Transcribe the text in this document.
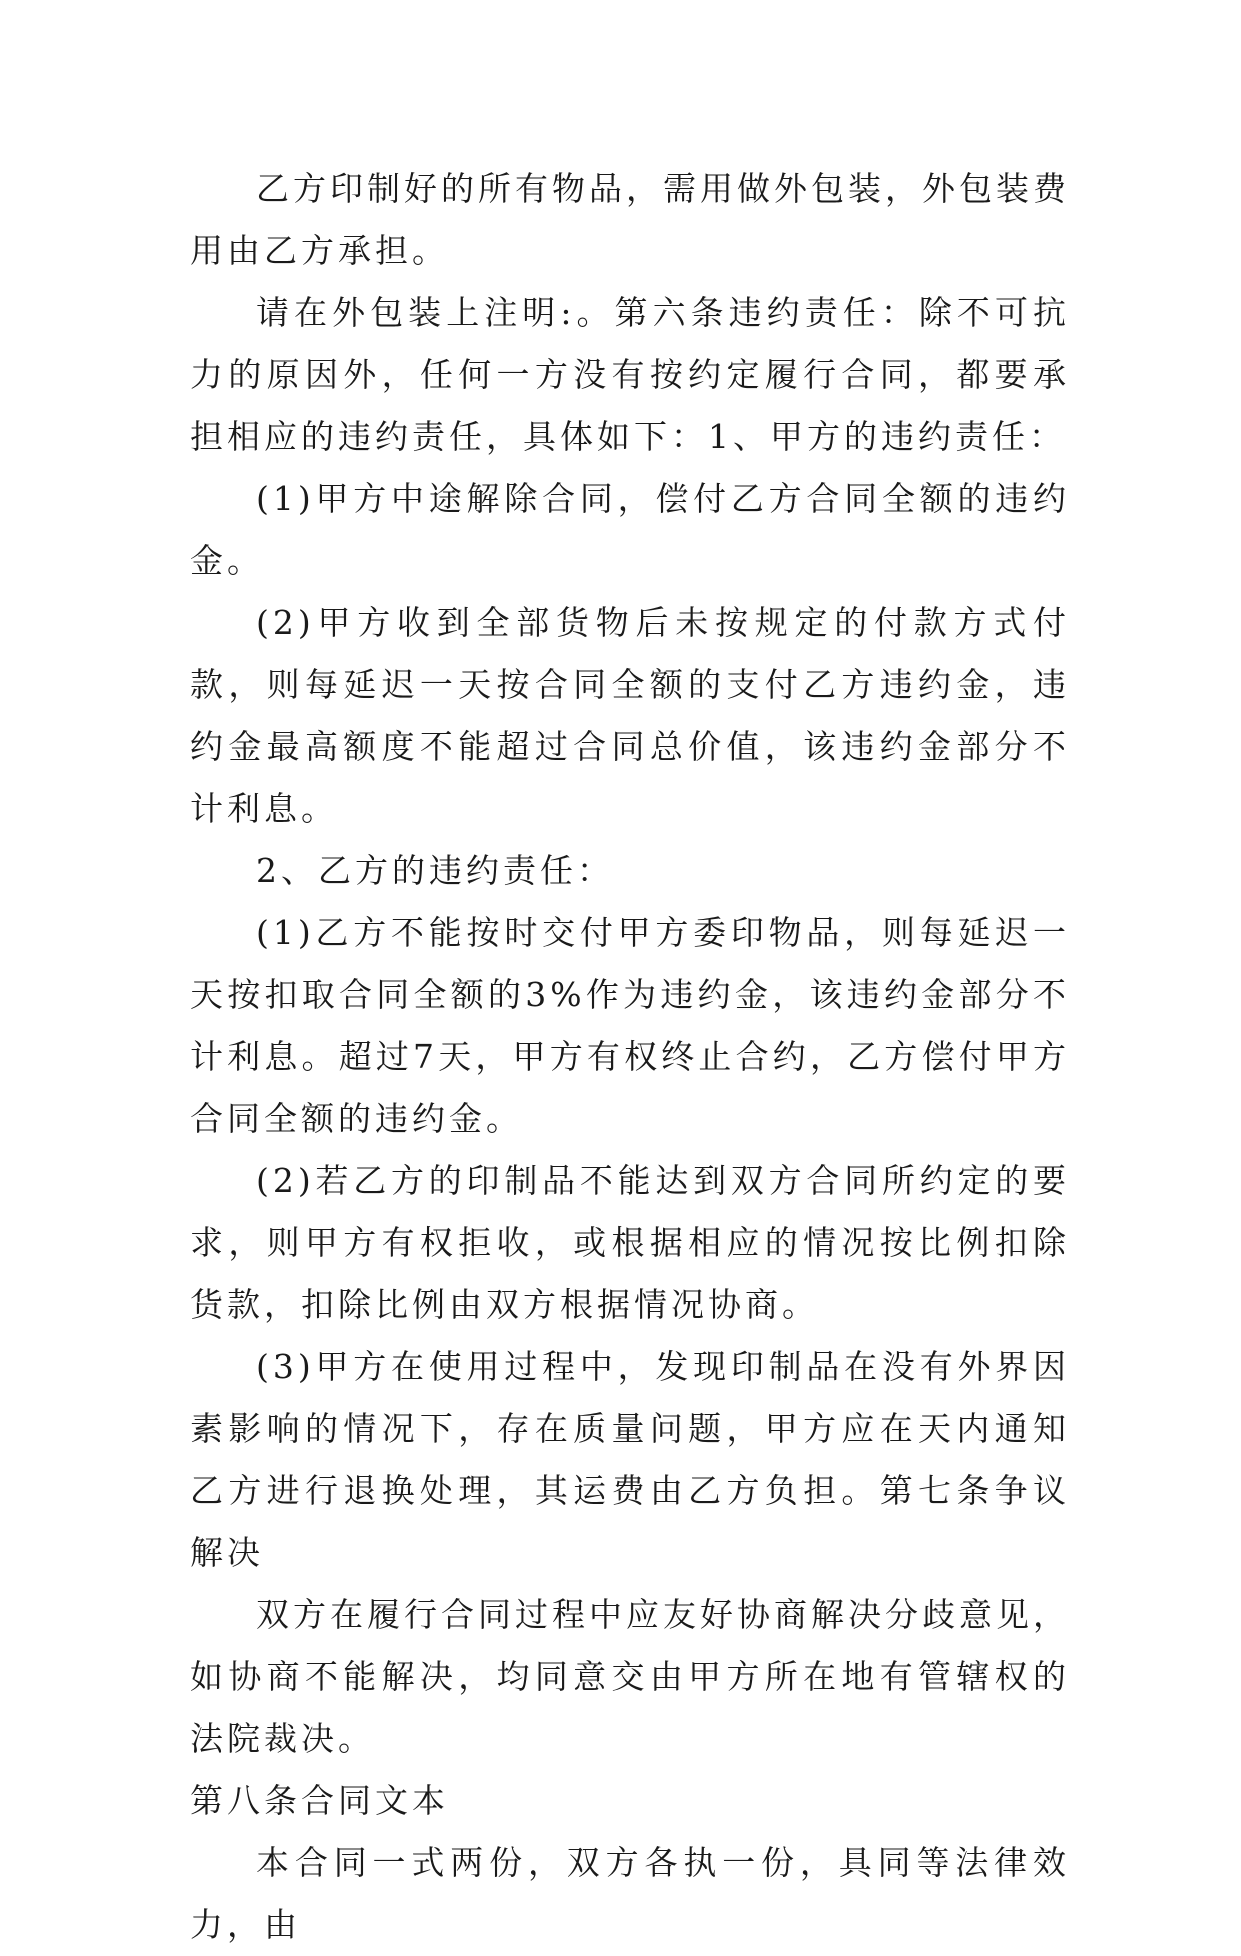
乙方印制好的所有物品，需用做外包装，外包装费用由乙方承担。

请在外包装上注明:。第六条违约责任：除不可抗力的原因外，任何一方没有按约定履行合同，都要承担相应的违约责任，具体如下：1、甲方的违约责任：

(1)甲方中途解除合同，偿付乙方合同全额的违约金。

(2)甲方收到全部货物后未按规定的付款方式付款，则每延迟一天按合同全额的支付乙方违约金，违约金最高额度不能超过合同总价值，该违约金部分不计利息。

2、乙方的违约责任：

(1)乙方不能按时交付甲方委印物品，则每延迟一天按扣取合同全额的3%作为违约金，该违约金部分不计利息。超过7天，甲方有权终止合约，乙方偿付甲方合同全额的违约金。

(2)若乙方的印制品不能达到双方合同所约定的要求，则甲方有权拒收，或根据相应的情况按比例扣除货款，扣除比例由双方根据情况协商。

(3)甲方在使用过程中，发现印制品在没有外界因素影响的情况下，存在质量问题，甲方应在天内通知乙方进行退换处理，其运费由乙方负担。第七条争议解决

双方在履行合同过程中应友好协商解决分歧意见，如协商不能解决，均同意交由甲方所在地有管辖权的法院裁决。

第八条合同文本

本合同一式两份，双方各执一份，具同等法律效力，由
